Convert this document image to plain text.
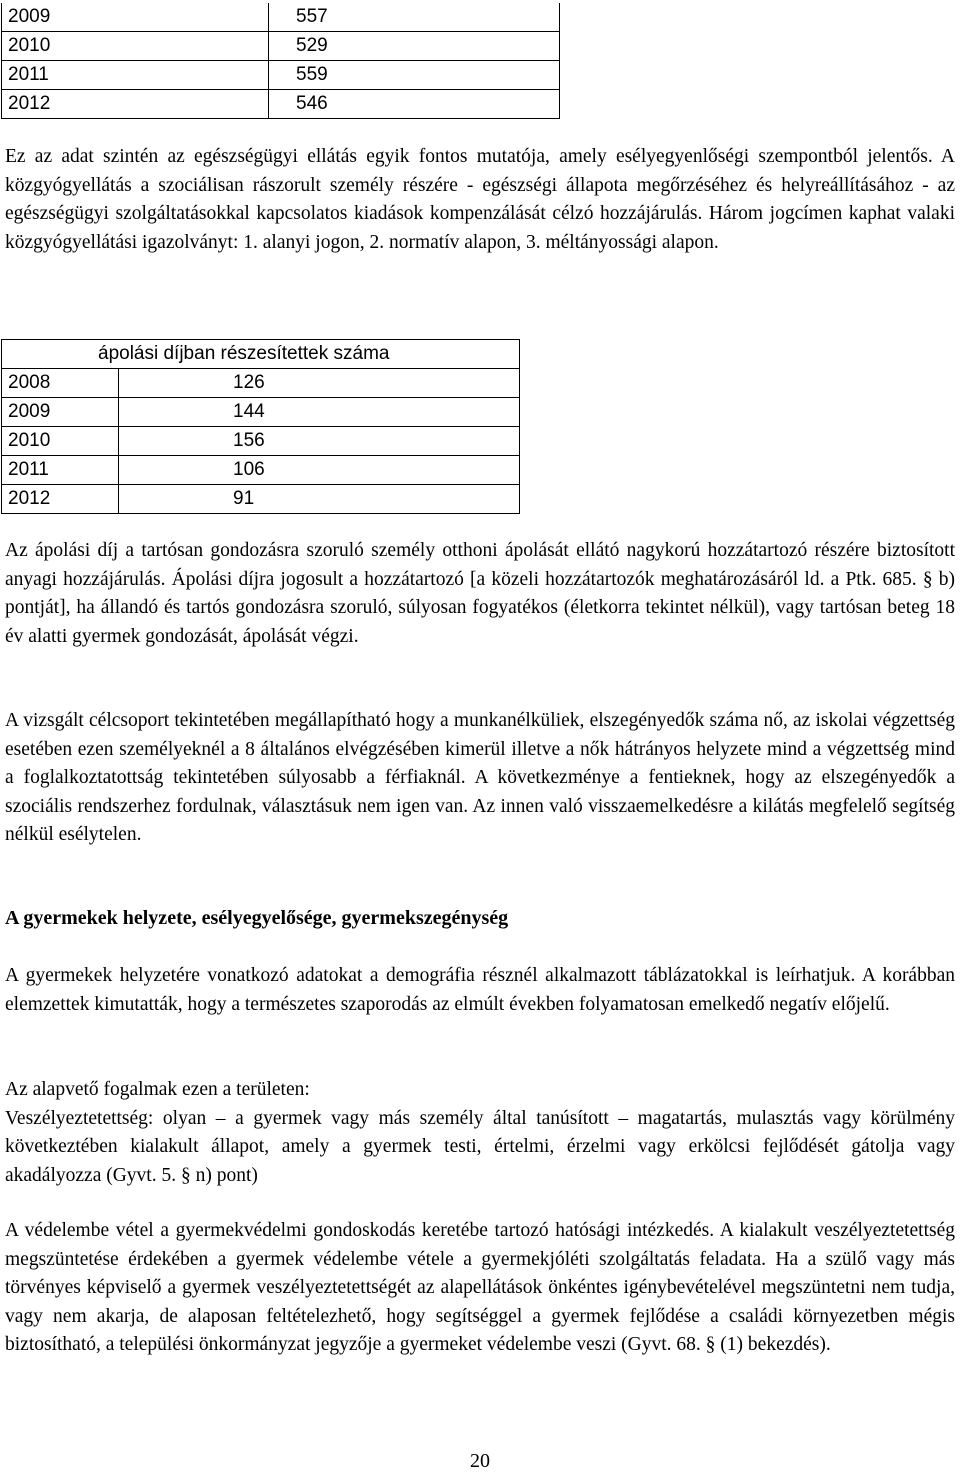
2009	557
2010	529
2011	559
2012	546

Ez az adat szintén az egészségügyi ellátás egyik fontos mutatója, amely esélyegyenlőségi szempontból jelentős. A közgyógyellátás a szociálisan rászorult személy részére - egészségi állapota megőrzéséhez és helyreállításához - az egészségügyi szolgáltatásokkal kapcsolatos kiadások kompenzálását célzó hozzájárulás. Három jogcímen kaphat valaki közgyógyellátási igazolványt: 1. alanyi jogon, 2. normatív alapon, 3. méltányossági alapon.

ápolási díjban részesítettek száma	
2008	126
2009	144
2010	156
2011	106
2012	91

Az ápolási díj a tartósan gondozásra szoruló személy otthoni ápolását ellátó nagykorú hozzátartozó részére biztosított anyagi hozzájárulás. Ápolási díjra jogosult a hozzátartozó [a közeli hozzátartozók meghatározásáról ld. a Ptk. 685. § b) pontját], ha állandó és tartós gondozásra szoruló, súlyosan fogyatékos (életkorra tekintet nélkül), vagy tartósan beteg 18 év alatti gyermek gondozását, ápolását végzi.

A vizsgált célcsoport tekintetében megállapítható hogy a munkanélküliek, elszegényedők száma nő, az iskolai végzettség esetében ezen személyeknél a 8 általános elvégzésében kimerül illetve a nők hátrányos helyzete mind a végzettség mind a foglalkoztatottság tekintetében súlyosabb a férfiaknál. A következménye a fentieknek, hogy az elszegényedők a szociális rendszerhez fordulnak, választásuk nem igen van. Az innen való visszaemelkedésre a kilátás megfelelő segítség nélkül esélytelen.

A gyermekek helyzete, esélyegyelősége, gyermekszegénység

A gyermekek helyzetére vonatkozó adatokat a demográfia résznél alkalmazott táblázatokkal is leírhatjuk. A korábban elemzettek kimutatták, hogy a természetes szaporodás az elmúlt években folyamatosan emelkedő negatív előjelű.

Az alapvető fogalmak ezen a területen:
Veszélyeztetettség: olyan – a gyermek vagy más személy által tanúsított – magatartás, mulasztás vagy körülmény következtében kialakult állapot, amely a gyermek testi, értelmi, érzelmi vagy erkölcsi fejlődését gátolja vagy akadályozza (Gyvt. 5. § n) pont)

A védelembe vétel a gyermekvédelmi gondoskodás keretébe tartozó hatósági intézkedés. A kialakult veszélyeztetettség megszüntetése érdekében a gyermek védelembe vétele a gyermekjóléti szolgáltatás feladata. Ha a szülő vagy más törvényes képviselő a gyermek veszélyeztetettségét az alapellátások önkéntes igénybevételével megszüntetni nem tudja, vagy nem akarja, de alaposan feltételezhető, hogy segítséggel a gyermek fejlődése a családi környezetben mégis biztosítható, a települési önkormányzat jegyzője a gyermeket védelembe veszi (Gyvt. 68. § (1) bekezdés).

20
